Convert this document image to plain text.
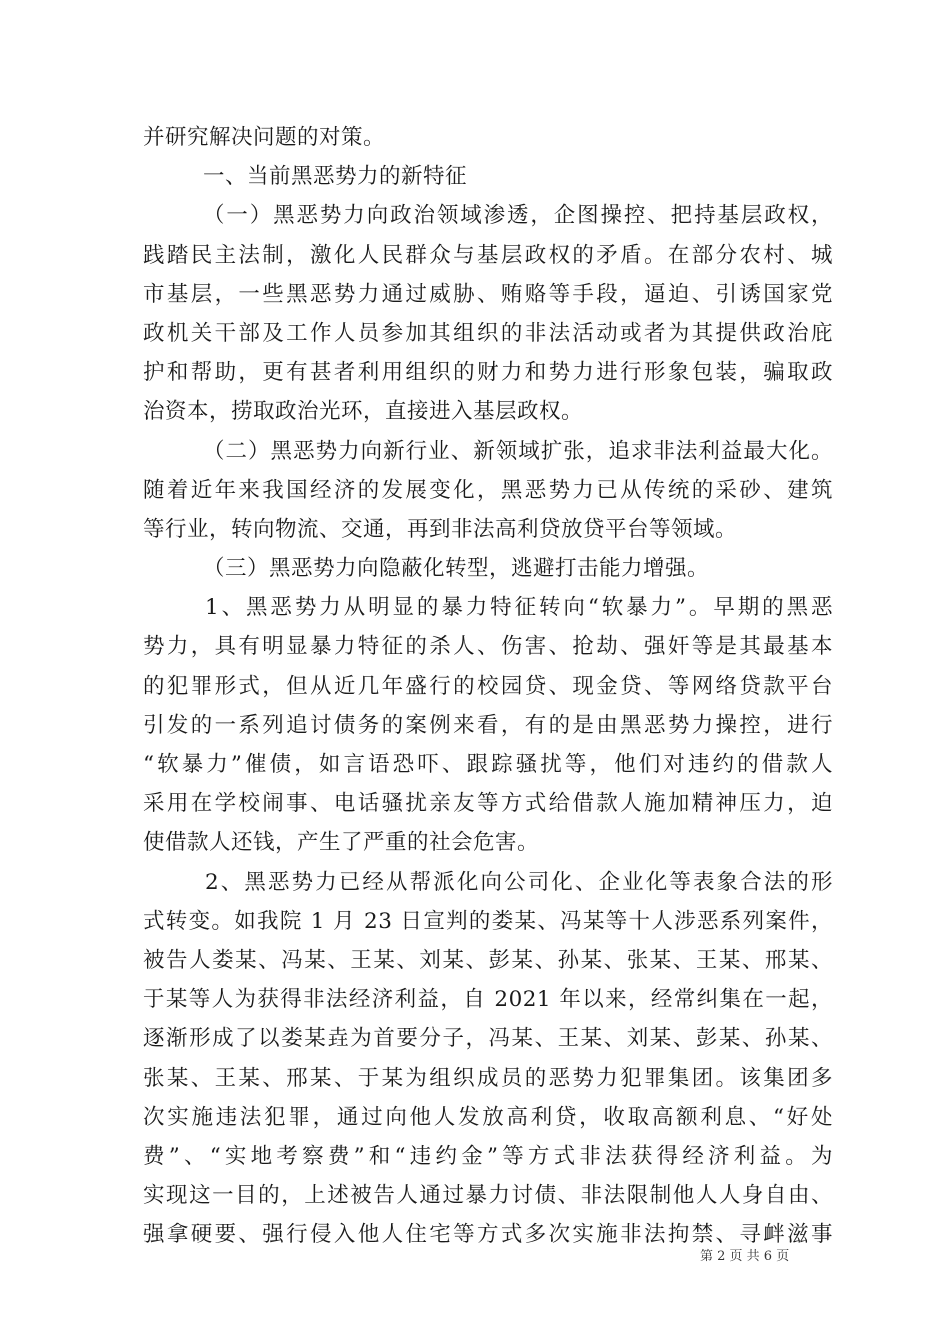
并研究解决问题的对策。
一、当前黑恶势力的新特征
（一）黑恶势力向政治领域渗透，企图操控、把持基层政权，
践踏民主法制，激化人民群众与基层政权的矛盾。在部分农村、城
市基层，一些黑恶势力通过威胁、贿赂等手段，逼迫、引诱国家党
政机关干部及工作人员参加其组织的非法活动或者为其提供政治庇
护和帮助，更有甚者利用组织的财力和势力进行形象包装，骗取政
治资本，捞取政治光环，直接进入基层政权。
（二）黑恶势力向新行业、新领域扩张，追求非法利益最大化。
随着近年来我国经济的发展变化，黑恶势力已从传统的采砂、建筑
等行业，转向物流、交通，再到非法高利贷放贷平台等领域。
（三）黑恶势力向隐蔽化转型，逃避打击能力增强。
1、黑恶势力从明显的暴力特征转向“软暴力”。早期的黑恶
势力，具有明显暴力特征的杀人、伤害、抢劫、强奸等是其最基本
的犯罪形式，但从近几年盛行的校园贷、现金贷、等网络贷款平台
引发的一系列追讨债务的案例来看，有的是由黑恶势力操控，进行
“软暴力”催债，如言语恐吓、跟踪骚扰等，他们对违约的借款人
采用在学校闹事、电话骚扰亲友等方式给借款人施加精神压力，迫
使借款人还钱，产生了严重的社会危害。
2、黑恶势力已经从帮派化向公司化、企业化等表象合法的形
式转变。如我院 1 月 23 日宣判的娄某、冯某等十人涉恶系列案件，
被告人娄某、冯某、王某、刘某、彭某、孙某、张某、王某、邢某、
于某等人为获得非法经济利益，自 2021 年以来，经常纠集在一起，
逐渐形成了以娄某垚为首要分子，冯某、王某、刘某、彭某、孙某、
张某、王某、邢某、于某为组织成员的恶势力犯罪集团。该集团多
次实施违法犯罪，通过向他人发放高利贷，收取高额利息、“好处
费”、“实地考察费”和“违约金”等方式非法获得经济利益。为
实现这一目的，上述被告人通过暴力讨债、非法限制他人人身自由、
强拿硬要、强行侵入他人住宅等方式多次实施非法拘禁、寻衅滋事
第 2 页 共 6 页
